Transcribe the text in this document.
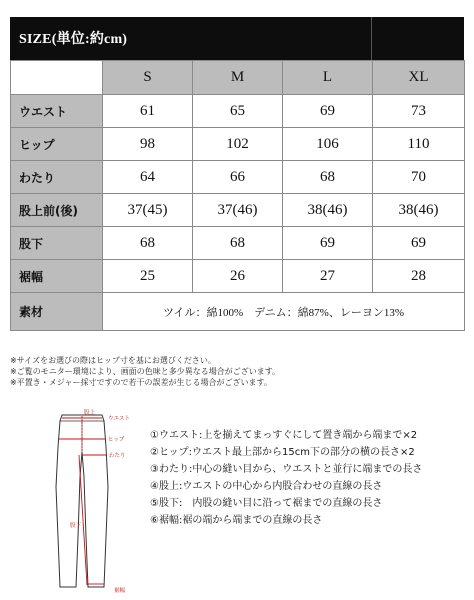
SIZE(単位:約cm)
	S	M	L	XL
ウエスト	61	65	69	73
ヒップ	98	102	106	110
わたり	64	66	68	70
股上前(後)	37(45)	37(46)	38(46)	38(46)
股下	68	68	69	69
裾幅	25	26	27	28
素材	ツイル：綿100%　デニム：綿87%、レーヨン13%			
※サイズをお選びの際はヒップ寸を基にお選びください。
※ご覧のモニター環境により、画面の色味と多少異なる場合がございます。
※平置き・メジャー採寸ですので若干の誤差が生じる場合がございます。
股上
ウエスト
ヒップ
わたり
股下
裾幅
①ウエスト:上を揃えてまっすぐにして置き端から端まで×2
②ヒップ:ウエスト最上部から15cm下の部分の横の長さ×2
③わたり:中心の縫い目から、ウエストと並行に端までの長さ
④股上:ウエストの中心から内股合わせの直線の長さ
⑤股下:　内股の縫い目に沿って裾までの直線の長さ
⑥裾幅:裾の端から端までの直線の長さ
